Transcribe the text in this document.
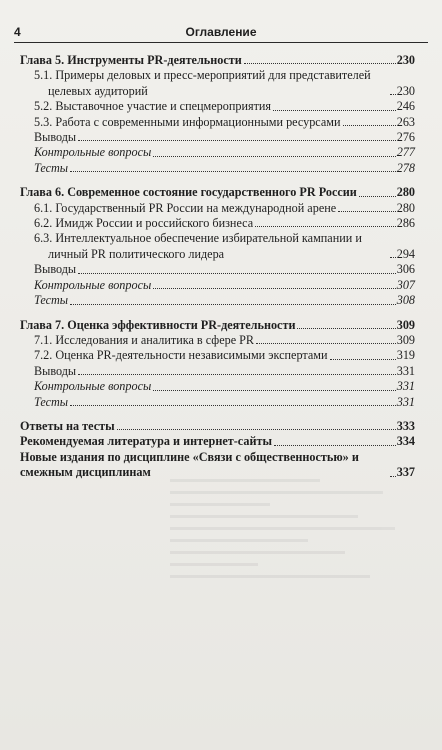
4	Оглавление
Глава 5. Инструменты PR-деятельности	230
5.1. Примеры деловых и пресс-мероприятий для представителей целевых аудиторий	230
5.2. Выставочное участие и спецмероприятия	246
5.3. Работа с современными информационными ресурсами	263
Выводы	276
Контрольные вопросы	277
Тесты	278
Глава 6. Современное состояние государственного PR России	280
6.1. Государственный PR России на международной арене	280
6.2. Имидж России и российского бизнеса	286
6.3. Интеллектуальное обеспечение избирательной кампании и личный PR политического лидера	294
Выводы	306
Контрольные вопросы	307
Тесты	308
Глава 7. Оценка эффективности PR-деятельности	309
7.1. Исследования и аналитика в сфере PR	309
7.2. Оценка PR-деятельности независимыми экспертами	319
Выводы	331
Контрольные вопросы	331
Тесты	331
Ответы на тесты	333
Рекомендуемая литература и интернет-сайты	334
Новые издания по дисциплине «Связи с общественностью» и смежным дисциплинам	337
